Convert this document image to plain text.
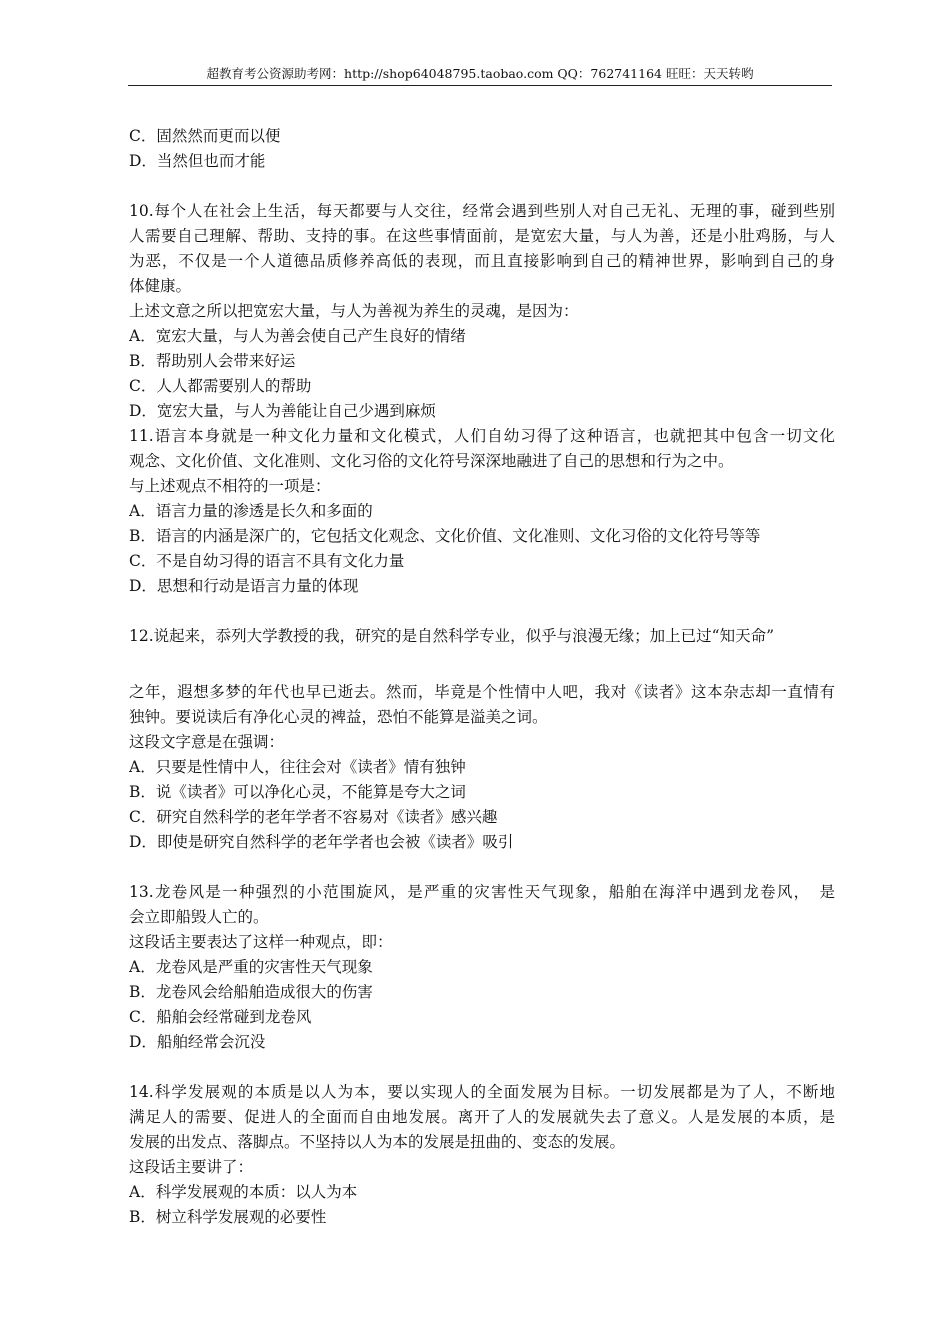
超教育考公资源助考网：http://shop64048795.taobao.com QQ：762741164 旺旺：天天转哟
C．固然然而更而以便
D．当然但也而才能
10.每个人在社会上生活，每天都要与人交往，经常会遇到些别人对自己无礼、无理的事，碰到些别
人需要自己理解、帮助、支持的事。在这些事情面前，是宽宏大量，与人为善，还是小肚鸡肠，与人
为恶，不仅是一个人道德品质修养高低的表现，而且直接影响到自己的精神世界，影响到自己的身
体健康。
上述文意之所以把宽宏大量，与人为善视为养生的灵魂，是因为：
A．宽宏大量，与人为善会使自己产生良好的情绪
B．帮助别人会带来好运
C．人人都需要别人的帮助
D．宽宏大量，与人为善能让自己少遇到麻烦
11.语言本身就是一种文化力量和文化模式，人们自幼习得了这种语言，也就把其中包含一切文化
观念、文化价值、文化准则、文化习俗的文化符号深深地融进了自己的思想和行为之中。
与上述观点不相符的一项是：
A．语言力量的渗透是长久和多面的
B．语言的内涵是深广的，它包括文化观念、文化价值、文化准则、文化习俗的文化符号等等
C．不是自幼习得的语言不具有文化力量
D．思想和行动是语言力量的体现
12.说起来，忝列大学教授的我，研究的是自然科学专业，似乎与浪漫无缘；加上已过“知天命”
之年，遐想多梦的年代也早已逝去。然而，毕竟是个性情中人吧，我对《读者》这本杂志却一直情有
独钟。要说读后有净化心灵的裨益，恐怕不能算是溢美之词。
这段文字意是在强调：
A．只要是性情中人，往往会对《读者》情有独钟
B．说《读者》可以净化心灵，不能算是夸大之词
C．研究自然科学的老年学者不容易对《读者》感兴趣
D．即使是研究自然科学的老年学者也会被《读者》吸引
13.龙卷风是一种强烈的小范围旋风，是严重的灾害性天气现象，船舶在海洋中遇到龙卷风，　是
会立即船毁人亡的。
这段话主要表达了这样一种观点，即：
A．龙卷风是严重的灾害性天气现象
B．龙卷风会给船舶造成很大的伤害
C．船舶会经常碰到龙卷风
D．船舶经常会沉没
14.科学发展观的本质是以人为本，要以实现人的全面发展为目标。一切发展都是为了人，不断地
满足人的需要、促进人的全面而自由地发展。离开了人的发展就失去了意义。人是发展的本质，是
发展的出发点、落脚点。不坚持以人为本的发展是扭曲的、变态的发展。
这段话主要讲了：
A．科学发展观的本质：以人为本
B．树立科学发展观的必要性
